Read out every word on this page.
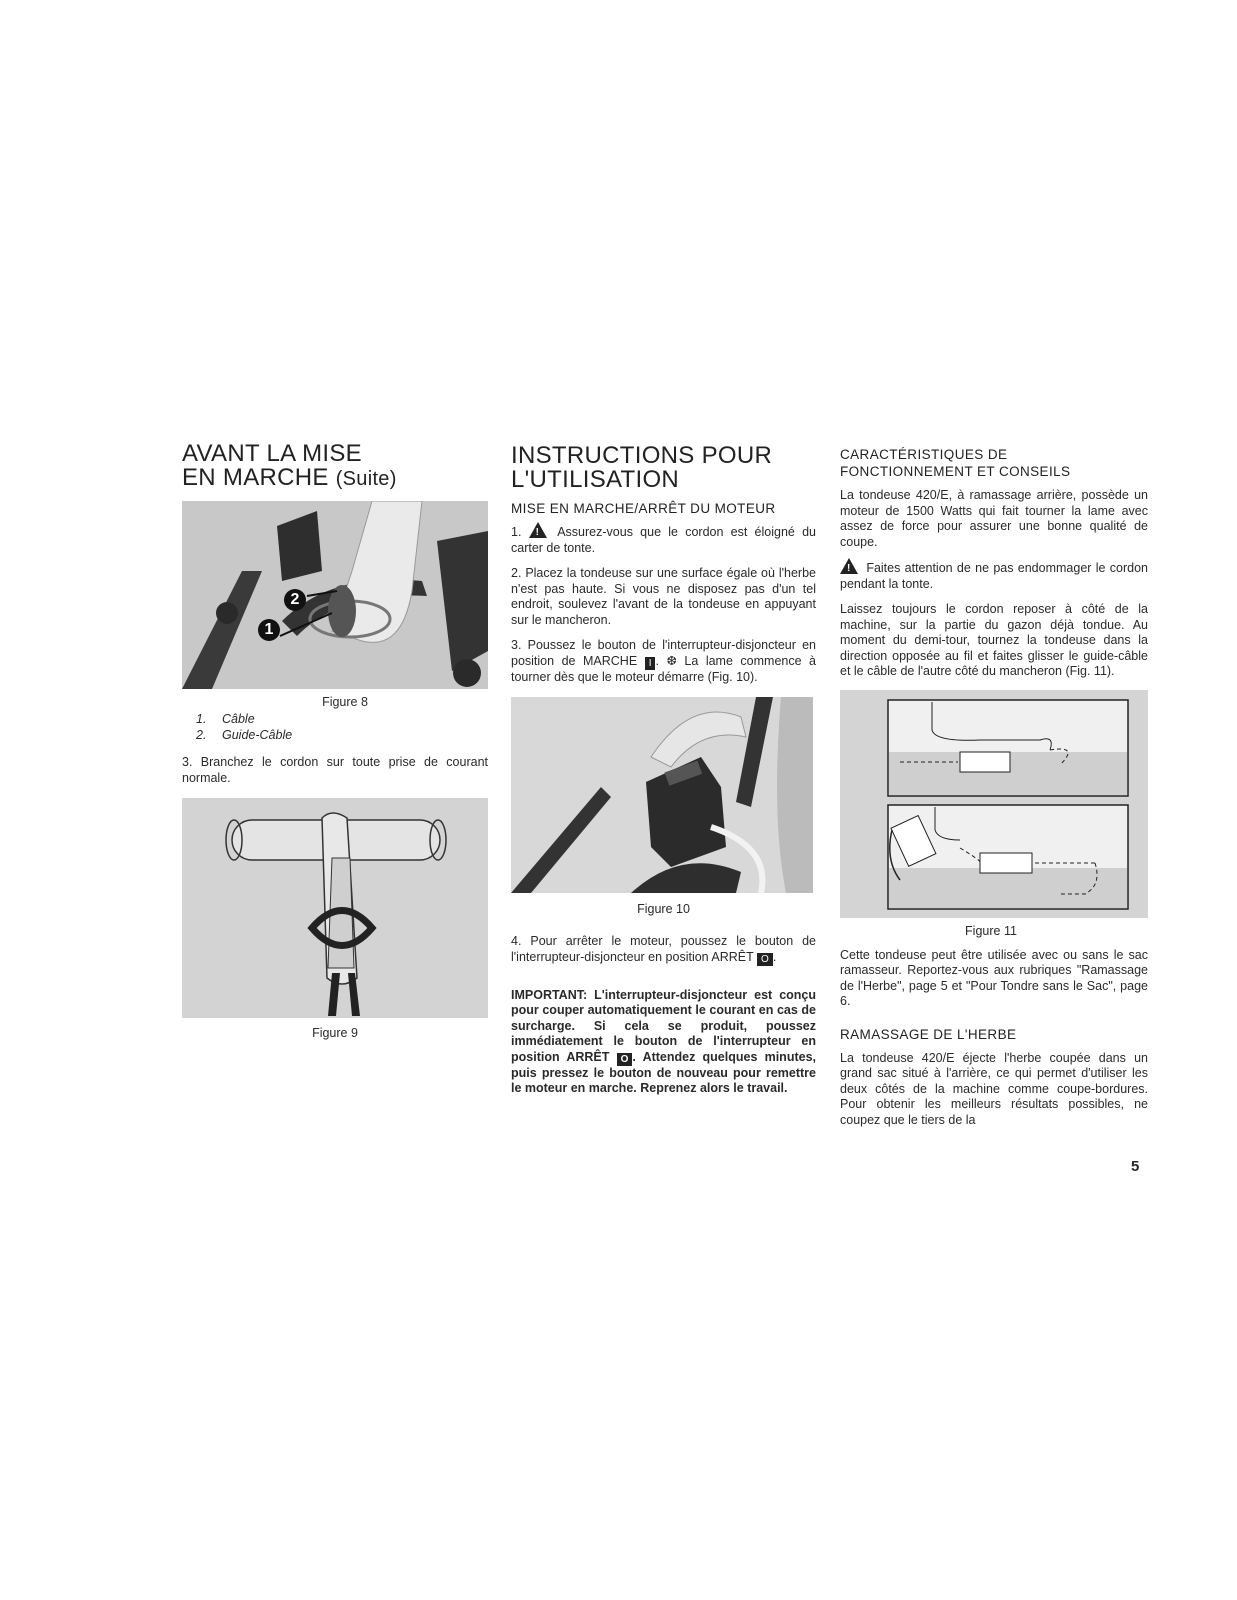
AVANT LA MISE
EN MARCHE (Suite)
2
1
Figure 8
1. Câble
2. Guide-Câble

3. Branchez le cordon sur toute prise de courant normale.

Figure 9
INSTRUCTIONS POUR
L'UTILISATION
MISE EN MARCHE/ARRÊT DU MOTEUR

1. !	Assurez-vous que le cordon est éloigné du carter de tonte.

2. Placez la tondeuse sur une surface égale où l'herbe n'est pas haute. Si vous ne disposez pas d'un tel endroit, soulevez l'avant de la tondeuse en appuyant sur le mancheron.

3. Poussez le bouton de l'interrupteur-disjoncteur en position de MARCHE I . ❆ La lame commence à tourner dès que le moteur démarre (Fig. 10).

Figure 10

4. Pour arrêter le moteur, poussez le bouton de l'interrupteur-disjoncteur en position ARRÊT O .

IMPORTANT: L'interrupteur-disjoncteur est conçu pour couper automatiquement le courant en cas de surcharge. Si cela se produit, poussez immédiatement le bouton de l'interrupteur en position ARRÊT O . Attendez quelques minutes, puis pressez le bouton de nouveau pour remettre le moteur en marche. Reprenez alors le travail.

CARACTÉRISTIQUES DE
FONCTIONNEMENT ET CONSEILS

La tondeuse 420/E, à ramassage arrière, possède un moteur de 1500 Watts qui fait tourner la lame avec assez de force pour assurer une bonne qualité de coupe.

! Faites attention de ne pas endommager le cordon pendant la tonte.

Laissez toujours le cordon reposer à côté de la machine, sur la partie du gazon déjà tondue. Au moment du demi-tour, tournez la tondeuse dans la direction opposée au fil et faites glisser le guide-câble et le câble de l'autre côté du mancheron (Fig. 11).

Figure 11

Cette tondeuse peut être utilisée avec ou sans le sac ramasseur. Reportez-vous aux rubriques "Ramassage de l'Herbe", page 5 et "Pour Tondre sans le Sac", page 6.

RAMASSAGE DE L'HERBE

La tondeuse 420/E éjecte l'herbe coupée dans un grand sac situé à l'arrière, ce qui permet d'utiliser les deux côtés de la machine comme coupe-bordures. Pour obtenir les meilleurs résultats possibles, ne coupez que le tiers de la

5
